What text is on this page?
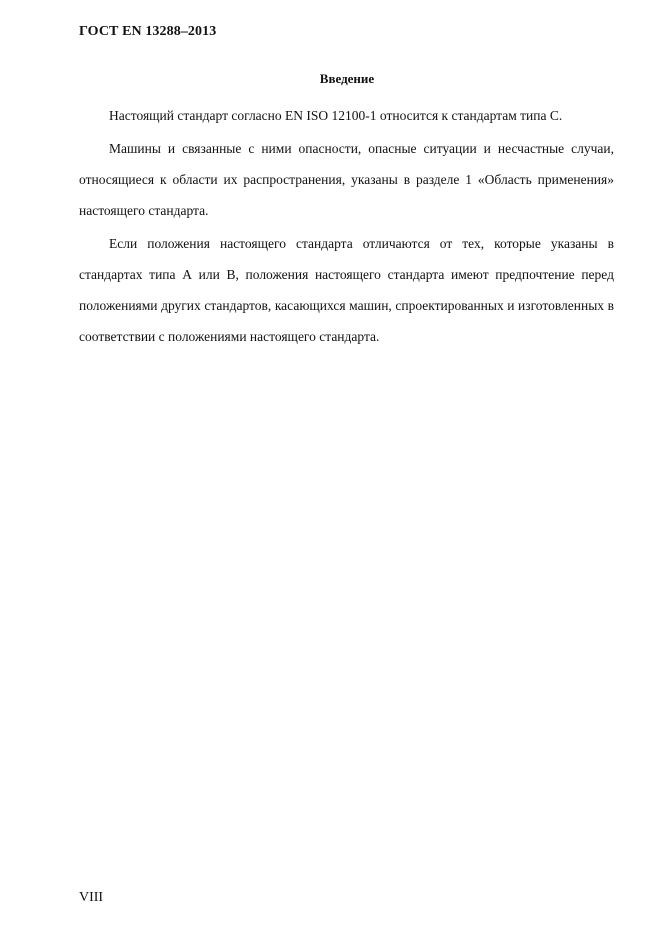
ГОСТ EN 13288–2013
Введение

Настоящий стандарт согласно EN ISO 12100-1 относится к стандартам типа С.

Машины и связанные с ними опасности, опасные ситуации и несчастные случаи, относящиеся к области их распространения, указаны в разделе 1 «Область применения» настоящего стандарта.

Если положения настоящего стандарта отличаются от тех, которые указаны в стандартах типа А или В, положения настоящего стандарта имеют предпочтение перед положениями других стандартов, касающихся машин, спроектированных и изготовленных в соответствии с положениями настоящего стандарта.

VIII
